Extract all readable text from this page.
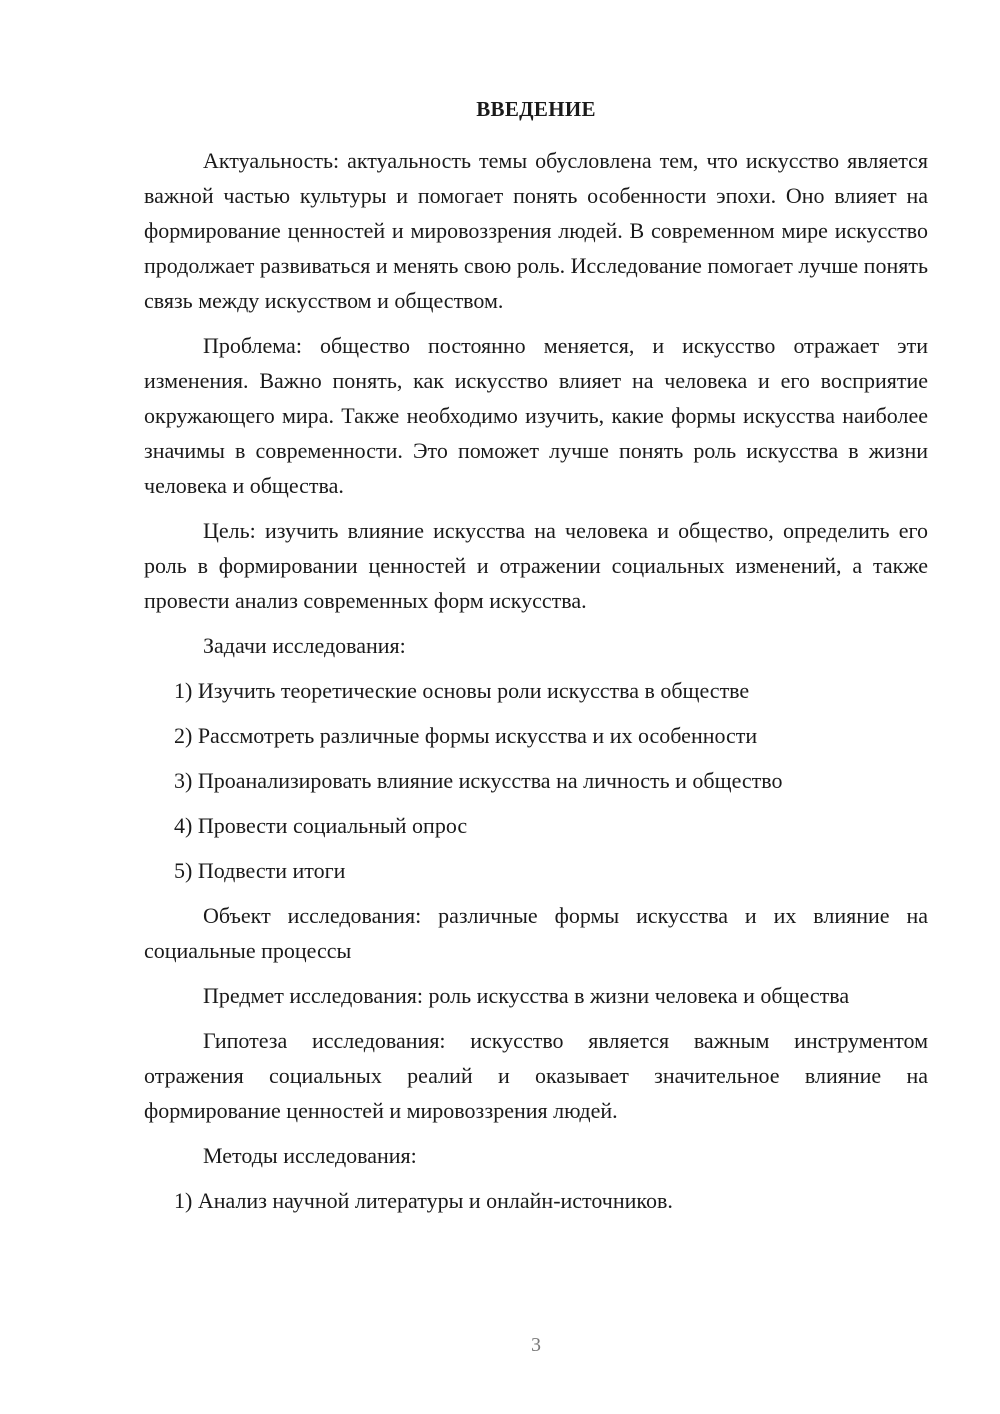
ВВЕДЕНИЕ

Актуальность: актуальность темы обусловлена тем, что искусство является важной частью культуры и помогает понять особенности эпохи. Оно влияет на формирование ценностей и мировоззрения людей. В современном мире искусство продолжает развиваться и менять свою роль. Исследование помогает лучше понять связь между искусством и обществом.

Проблема: общество постоянно меняется, и искусство отражает эти изменения. Важно понять, как искусство влияет на человека и его восприятие окружающего мира. Также необходимо изучить, какие формы искусства наиболее значимы в современности. Это поможет лучше понять роль искусства в жизни человека и общества.

Цель: изучить влияние искусства на человека и общество, определить его роль в формировании ценностей и отражении социальных изменений, а также провести анализ современных форм искусства.

Задачи исследования:

1) Изучить теоретические основы роли искусства в обществе
2) Рассмотреть различные формы искусства и их особенности
3) Проанализировать влияние искусства на личность и общество
4) Провести социальный опрос
5) Подвести итоги

Объект исследования: различные формы искусства и их влияние на социальные процессы

Предмет исследования: роль искусства в жизни человека и общества

Гипотеза исследования: искусство является важным инструментом отражения социальных реалий и оказывает значительное влияние на формирование ценностей и мировоззрения людей.

Методы исследования:

1) Анализ научной литературы и онлайн-источников.
3
